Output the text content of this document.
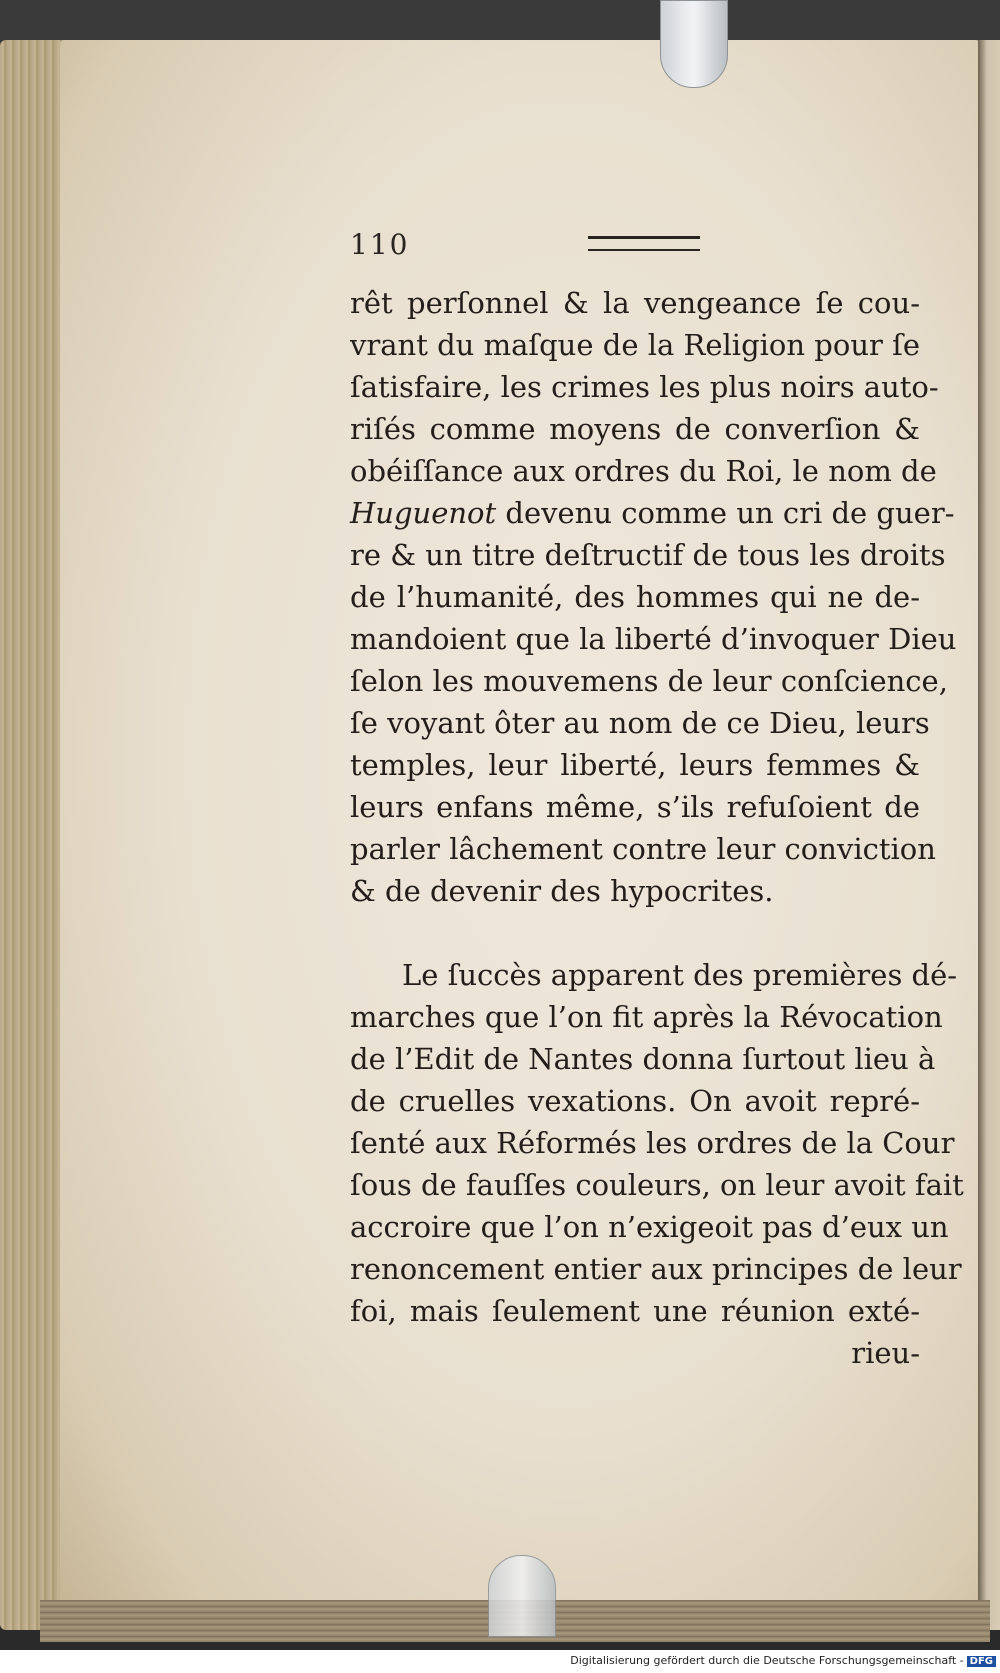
110
rêt perſonnel & la vengeance ſe cou-
vrant du maſque de la Religion pour ſe
ſatisfaire, les crimes les plus noirs auto-
riſés comme moyens de converſion &
obéiſſance aux ordres du Roi, le nom de
Huguenot devenu comme un cri de guer-
re & un titre deſtructif de tous les droits
de l’humanité, des hommes qui ne de-
mandoient que la liberté d’invoquer Dieu
ſelon les mouvemens de leur conſcience,
ſe voyant ôter au nom de ce Dieu, leurs
temples, leur liberté, leurs femmes &
leurs enfans même, s’ils refuſoient de
parler lâchement contre leur conviction
& de devenir des hypocrites.
Le ſuccès apparent des premières dé-
marches que l’on fit après la Révocation
de l’Edit de Nantes donna ſurtout lieu à
de cruelles vexations. On avoit repré-
ſenté aux Réformés les ordres de la Cour
ſous de fauſſes couleurs, on leur avoit fait
accroire que l’on n’exigeoit pas d’eux un
renoncement entier aux principes de leur
foi, mais ſeulement une réunion exté-
rieu-
Digitalisierung gefördert durch die Deutsche Forschungsgemeinschaft - DFG
